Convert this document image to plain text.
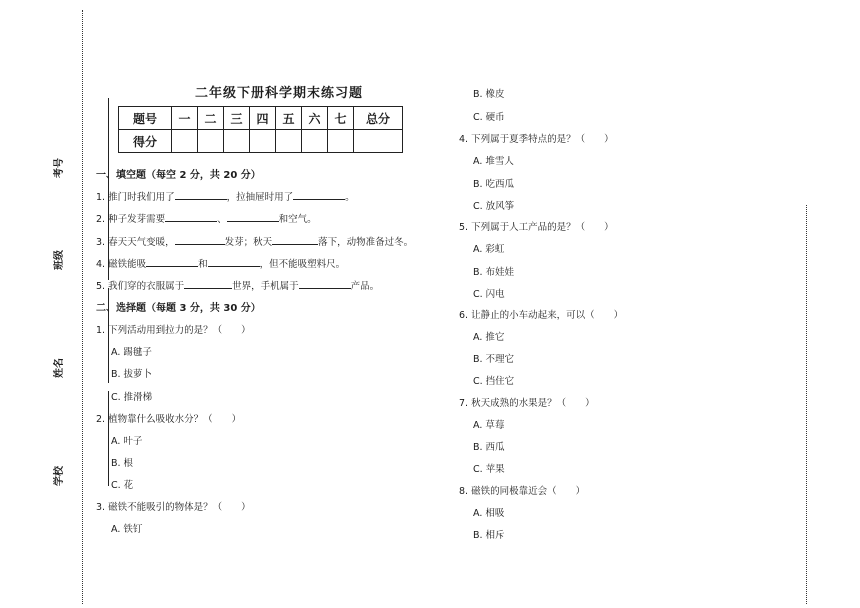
考号
班级
姓名
学校
二年级下册科学期末练习题
题号	一	二	三	四	五	六	七	总分
得分								
一、填空题（每空 2 分，共 20 分）
1. 推门时我们用了	，拉抽屉时用了	。
2. 种子发芽需要	、	和空气。
3. 春天天气变暖，	发芽；秋天	落下，动物准备过冬。
4. 磁铁能吸	和	，但不能吸塑料尺。
5. 我们穿的衣服属于	世界，手机属于	产品。
二、选择题（每题 3 分，共 30 分）
1. 下列活动用到拉力的是？（　　）
A. 踢毽子
B. 拔萝卜
C. 推滑梯
2. 植物靠什么吸收水分？（　　）
A. 叶子
B. 根
C. 花
3. 磁铁不能吸引的物体是？（　　）
A. 铁钉
B. 橡皮
C. 硬币
4. 下列属于夏季特点的是？（　　）
A. 堆雪人
B. 吃西瓜
C. 放风筝
5. 下列属于人工产品的是？（　　）
A. 彩虹
B. 布娃娃
C. 闪电
6. 让静止的小车动起来，可以（　　）
A. 推它
B. 不理它
C. 挡住它
7. 秋天成熟的水果是？（　　）
A. 草莓
B. 西瓜
C. 苹果
8. 磁铁的同极靠近会（　　）
A. 相吸
B. 相斥
